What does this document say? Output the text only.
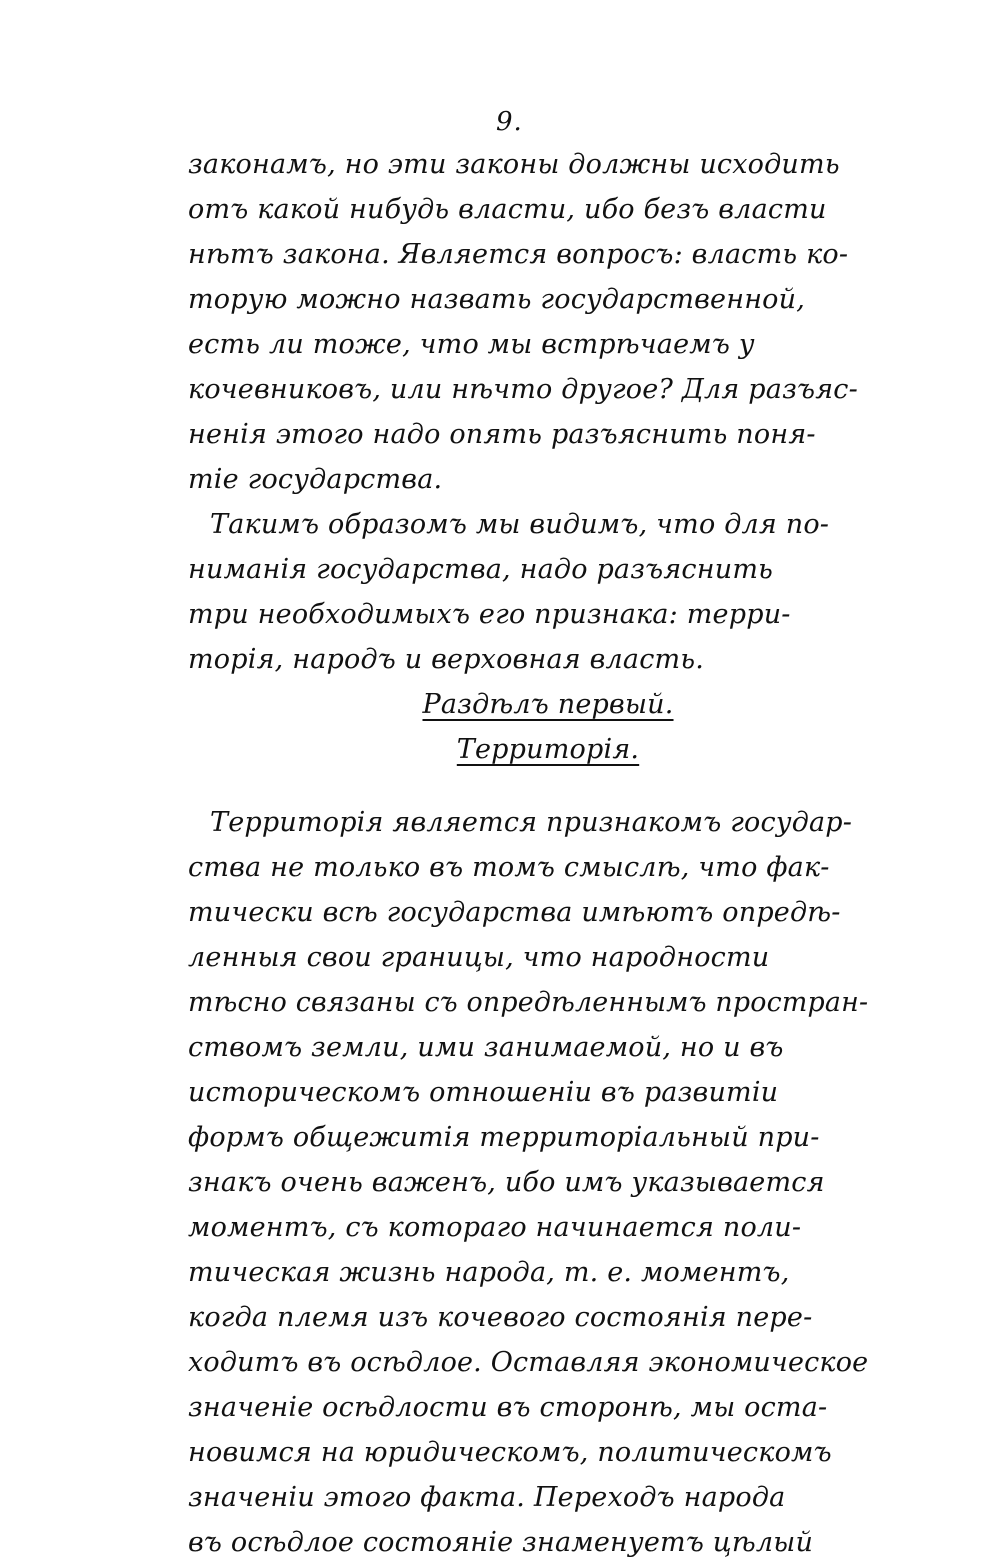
9.
законамъ, но эти законы должны исходить
отъ какой нибудь власти, ибо безъ власти
нѣтъ закона. Является вопросъ: власть ко-
торую можно назвать государственной,
есть ли тоже, что мы встрѣчаемъ у
кочевниковъ, или нѣчто другое? Для разъяс-
ненія этого надо опять разъяснить поня-
тіе государства.
Такимъ образомъ мы видимъ, что для по-
ниманія государства, надо разъяснить
три необходимыхъ его признака: терри-
торія, народъ и верховная власть.
Раздѣлъ первый.
Территорія.
Территорія является признакомъ государ-
ства не только въ томъ смыслѣ, что фак-
тически всѣ государства имѣютъ опредѣ-
ленныя свои границы, что народности
тѣсно связаны съ опредѣленнымъ простран-
ствомъ земли, ими занимаемой, но и въ
историческомъ отношеніи въ развитіи
формъ общежитія территоріальный при-
знакъ очень важенъ, ибо имъ указывается
моментъ, съ котораго начинается поли-
тическая жизнь народа, т. е. моментъ,
когда племя изъ кочевого состоянія пере-
ходитъ въ осѣдлое. Оставляя экономическое
значеніе осѣдлости въ сторонѣ, мы оста-
новимся на юридическомъ, политическомъ
значеніи этого факта. Переходъ народа
въ осѣдлое состояніе знаменуетъ цѣлый
